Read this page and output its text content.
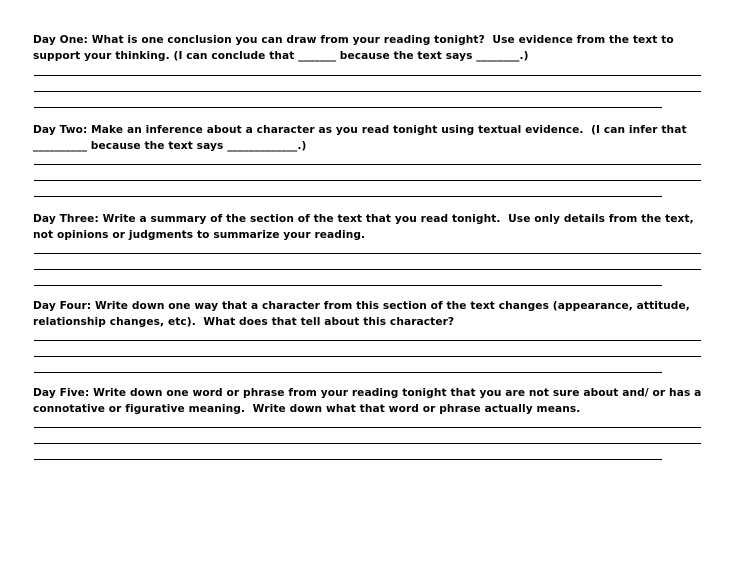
Day One: What is one conclusion you can draw from your reading tonight?  Use evidence from the text to support your thinking. (I can conclude that _______ because the text says ________.)

Day Two: Make an inference about a character as you read tonight using textual evidence.  (I can infer that __________ because the text says _____________.)

Day Three: Write a summary of the section of the text that you read tonight.  Use only details from the text, not opinions or judgments to summarize your reading.

Day Four: Write down one way that a character from this section of the text changes (appearance, attitude, relationship changes, etc).  What does that tell about this character?

Day Five: Write down one word or phrase from your reading tonight that you are not sure about and/ or has a connotative or figurative meaning.  Write down what that word or phrase actually means.
